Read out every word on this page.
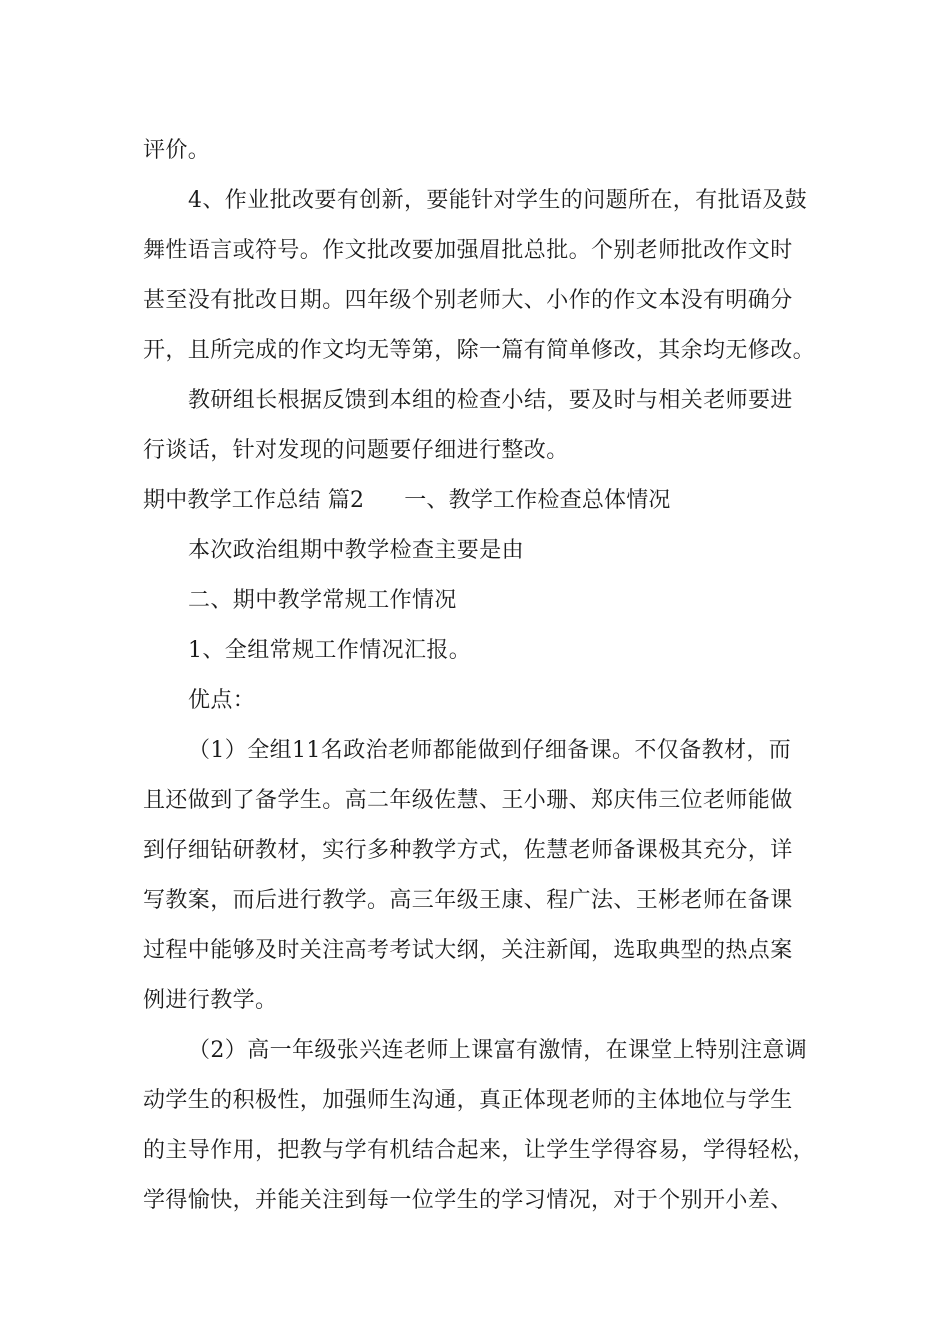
评价。
4、作业批改要有创新，要能针对学生的问题所在，有批语及鼓
舞性语言或符号。作文批改要加强眉批总批。个别老师批改作文时
甚至没有批改日期。四年级个别老师大、小作的作文本没有明确分
开，且所完成的作文均无等第，除一篇有简单修改，其余均无修改。
教研组长根据反馈到本组的检查小结，要及时与相关老师要进
行谈话，针对发现的问题要仔细进行整改。
期中教学工作总结 篇2 一、教学工作检查总体情况
本次政治组期中教学检查主要是由
二、期中教学常规工作情况
1、全组常规工作情况汇报。
优点：
（1）全组11名政治老师都能做到仔细备课。不仅备教材，而
且还做到了备学生。高二年级佐慧、王小珊、郑庆伟三位老师能做
到仔细钻研教材，实行多种教学方式，佐慧老师备课极其充分，详
写教案，而后进行教学。高三年级王康、程广法、王彬老师在备课
过程中能够及时关注高考考试大纲，关注新闻，选取典型的热点案
例进行教学。
（2）高一年级张兴连老师上课富有激情，在课堂上特别注意调
动学生的积极性，加强师生沟通，真正体现老师的主体地位与学生
的主导作用，把教与学有机结合起来，让学生学得容易，学得轻松，
学得愉快，并能关注到每一位学生的学习情况，对于个别开小差、
